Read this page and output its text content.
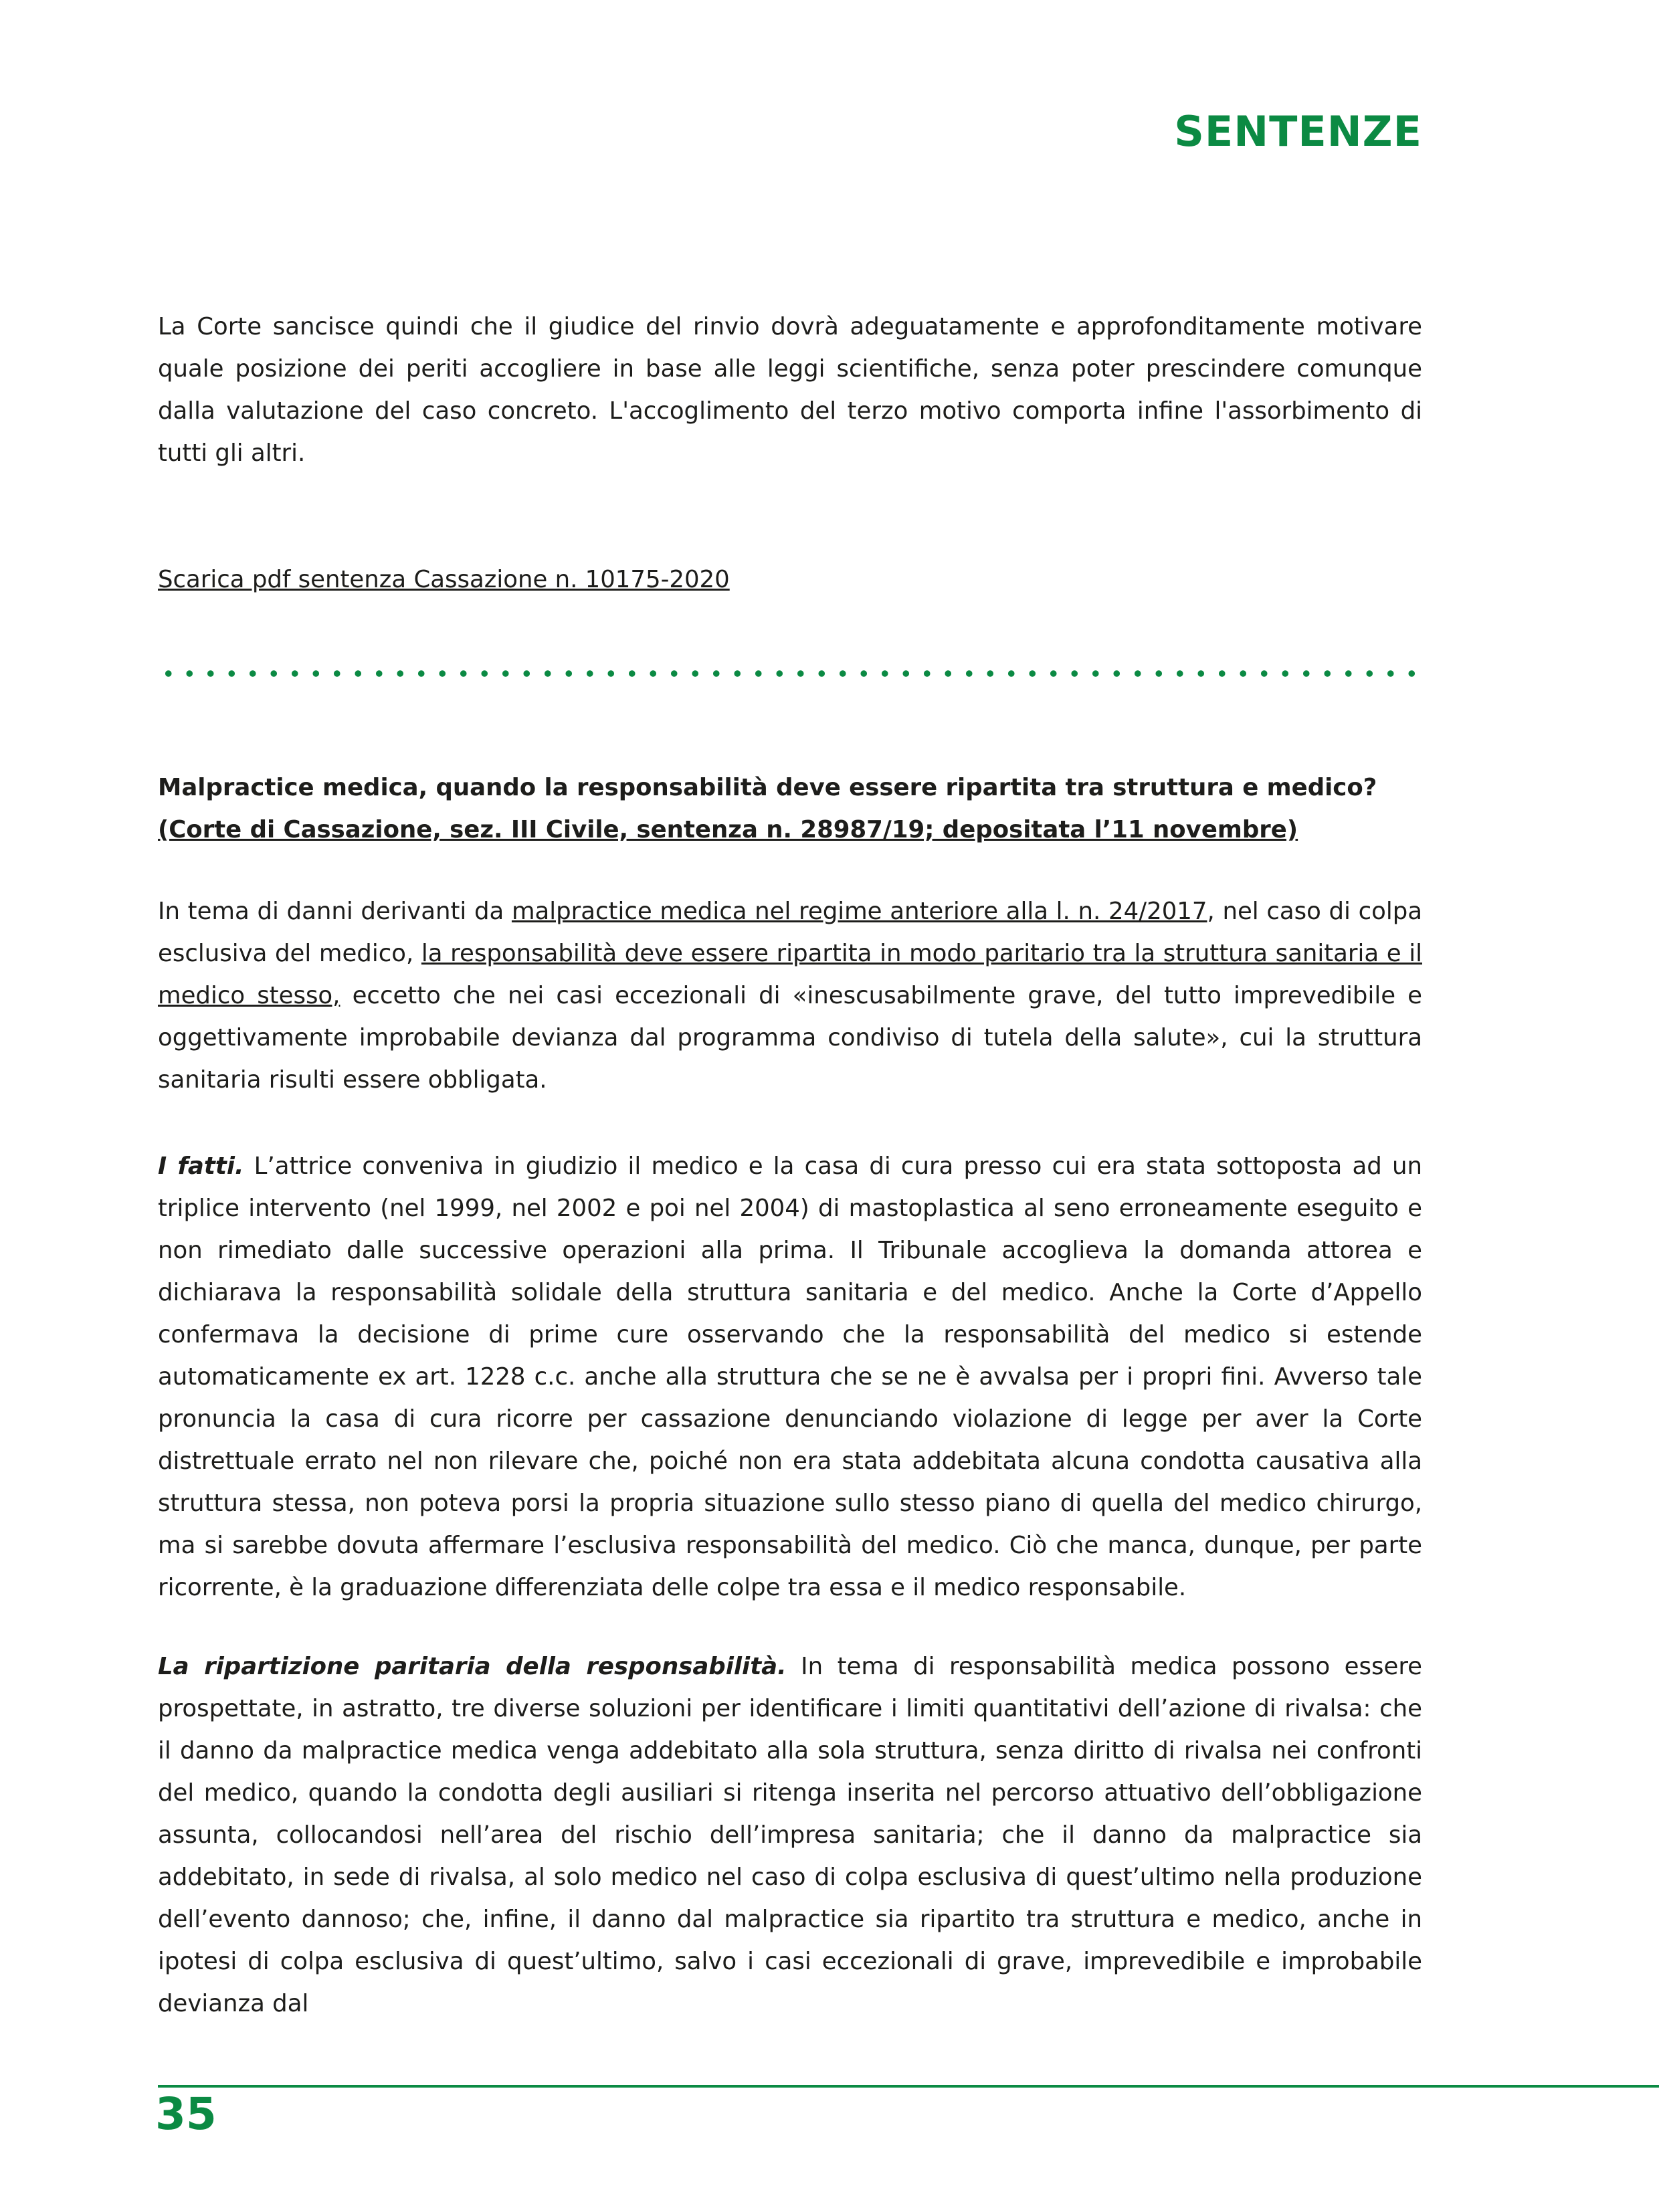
SENTENZE

La Corte sancisce quindi che il giudice del rinvio dovrà adeguatamente e approfonditamente motivare quale posizione dei periti accogliere in base alle leggi scientifiche, senza poter prescindere comunque dalla valutazione del caso concreto. L'accoglimento del terzo motivo comporta infine l'assorbimento di tutti gli altri.

Scarica pdf sentenza Cassazione n. 10175-2020

Malpractice medica, quando la responsabilità deve essere ripartita tra struttura e medico?
(Corte di Cassazione, sez. III Civile, sentenza n. 28987/19; depositata l’11 novembre)

In tema di danni derivanti da malpractice medica nel regime anteriore alla l. n. 24/2017, nel caso di colpa esclusiva del medico, la responsabilità deve essere ripartita in modo paritario tra la struttura sanitaria e il medico stesso, eccetto che nei casi eccezionali di «inescusabilmente grave, del tutto imprevedibile e oggettivamente improbabile devianza dal programma condiviso di tutela della salute», cui la struttura sanitaria risulti essere obbligata.

I fatti. L’attrice conveniva in giudizio il medico e la casa di cura presso cui era stata sottoposta ad un triplice intervento (nel 1999, nel 2002 e poi nel 2004) di mastoplastica al seno erroneamente eseguito e non rimediato dalle successive operazioni alla prima. Il Tribunale accoglieva la domanda attorea e dichiarava la responsabilità solidale della struttura sanitaria e del medico. Anche la Corte d’Appello confermava la decisione di prime cure osservando che la responsabilità del medico si estende automaticamente ex art. 1228 c.c. anche alla struttura che se ne è avvalsa per i propri fini. Avverso tale pronuncia la casa di cura ricorre per cassazione denunciando violazione di legge per aver la Corte distrettuale errato nel non rilevare che, poiché non era stata addebitata alcuna condotta causativa alla struttura stessa, non poteva porsi la propria situazione sullo stesso piano di quella del medico chirurgo, ma si sarebbe dovuta affermare l’esclusiva responsabilità del medico. Ciò che manca, dunque, per parte ricorrente, è la graduazione differenziata delle colpe tra essa e il medico responsabile.

La ripartizione paritaria della responsabilità. In tema di responsabilità medica possono essere prospettate, in astratto, tre diverse soluzioni per identificare i limiti quantitativi dell’azione di rivalsa: che il danno da malpractice medica venga addebitato alla sola struttura, senza diritto di rivalsa nei confronti del medico, quando la condotta degli ausiliari si ritenga inserita nel percorso attuativo dell’obbligazione assunta, collocandosi nell’area del rischio dell’impresa sanitaria; che il danno da malpractice sia addebitato, in sede di rivalsa, al solo medico nel caso di colpa esclusiva di quest’ultimo nella produzione dell’evento dannoso; che, infine, il danno dal malpractice sia ripartito tra struttura e medico, anche in ipotesi di colpa esclusiva di quest’ultimo, salvo i casi eccezionali di grave, imprevedibile e improbabile devianza dal

35
